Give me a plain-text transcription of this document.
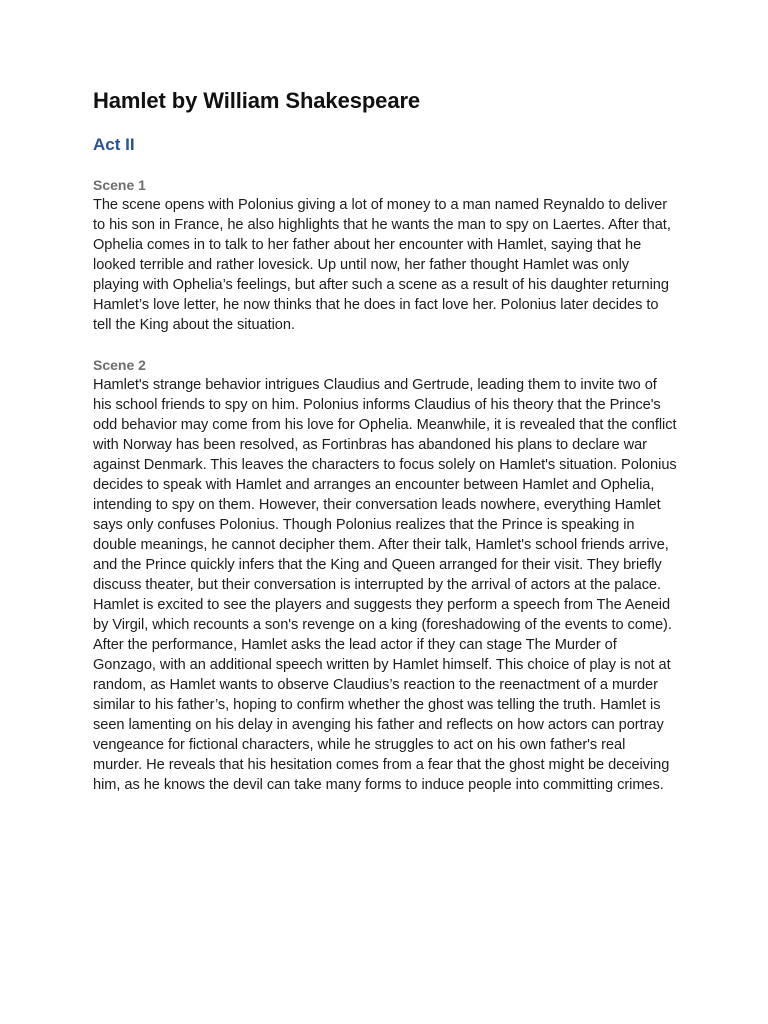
Hamlet by William Shakespeare
Act II
Scene 1

The scene opens with Polonius giving a lot of money to a man named Reynaldo to deliver to his son in France, he also highlights that he wants the man to spy on Laertes. After that, Ophelia comes in to talk to her father about her encounter with Hamlet, saying that he looked terrible and rather lovesick. Up until now, her father thought Hamlet was only playing with Ophelia’s feelings, but after such a scene as a result of his daughter returning Hamlet’s love letter, he now thinks that he does in fact love her. Polonius later decides to tell the King about the situation.

Scene 2

Hamlet's strange behavior intrigues Claudius and Gertrude, leading them to invite two of his school friends to spy on him. Polonius informs Claudius of his theory that the Prince's odd behavior may come from his love for Ophelia. Meanwhile, it is revealed that the conflict with Norway has been resolved, as Fortinbras has abandoned his plans to declare war against Denmark. This leaves the characters to focus solely on Hamlet's situation. Polonius decides to speak with Hamlet and arranges an encounter between Hamlet and Ophelia, intending to spy on them. However, their conversation leads nowhere, everything Hamlet says only confuses Polonius. Though Polonius realizes that the Prince is speaking in double meanings, he cannot decipher them. After their talk, Hamlet's school friends arrive, and the Prince quickly infers that the King and Queen arranged for their visit. They briefly discuss theater, but their conversation is interrupted by the arrival of actors at the palace. Hamlet is excited to see the players and suggests they perform a speech from The Aeneid by Virgil, which recounts a son's revenge on a king (foreshadowing of the events to come). After the performance, Hamlet asks the lead actor if they can stage The Murder of Gonzago, with an additional speech written by Hamlet himself. This choice of play is not at random, as Hamlet wants to observe Claudius’s reaction to the reenactment of a murder similar to his father’s, hoping to confirm whether the ghost was telling the truth. Hamlet is seen lamenting on his delay in avenging his father and reflects on how actors can portray vengeance for fictional characters, while he struggles to act on his own father's real murder. He reveals that his hesitation comes from a fear that the ghost might be deceiving him, as he knows the devil can take many forms to induce people into committing crimes.
